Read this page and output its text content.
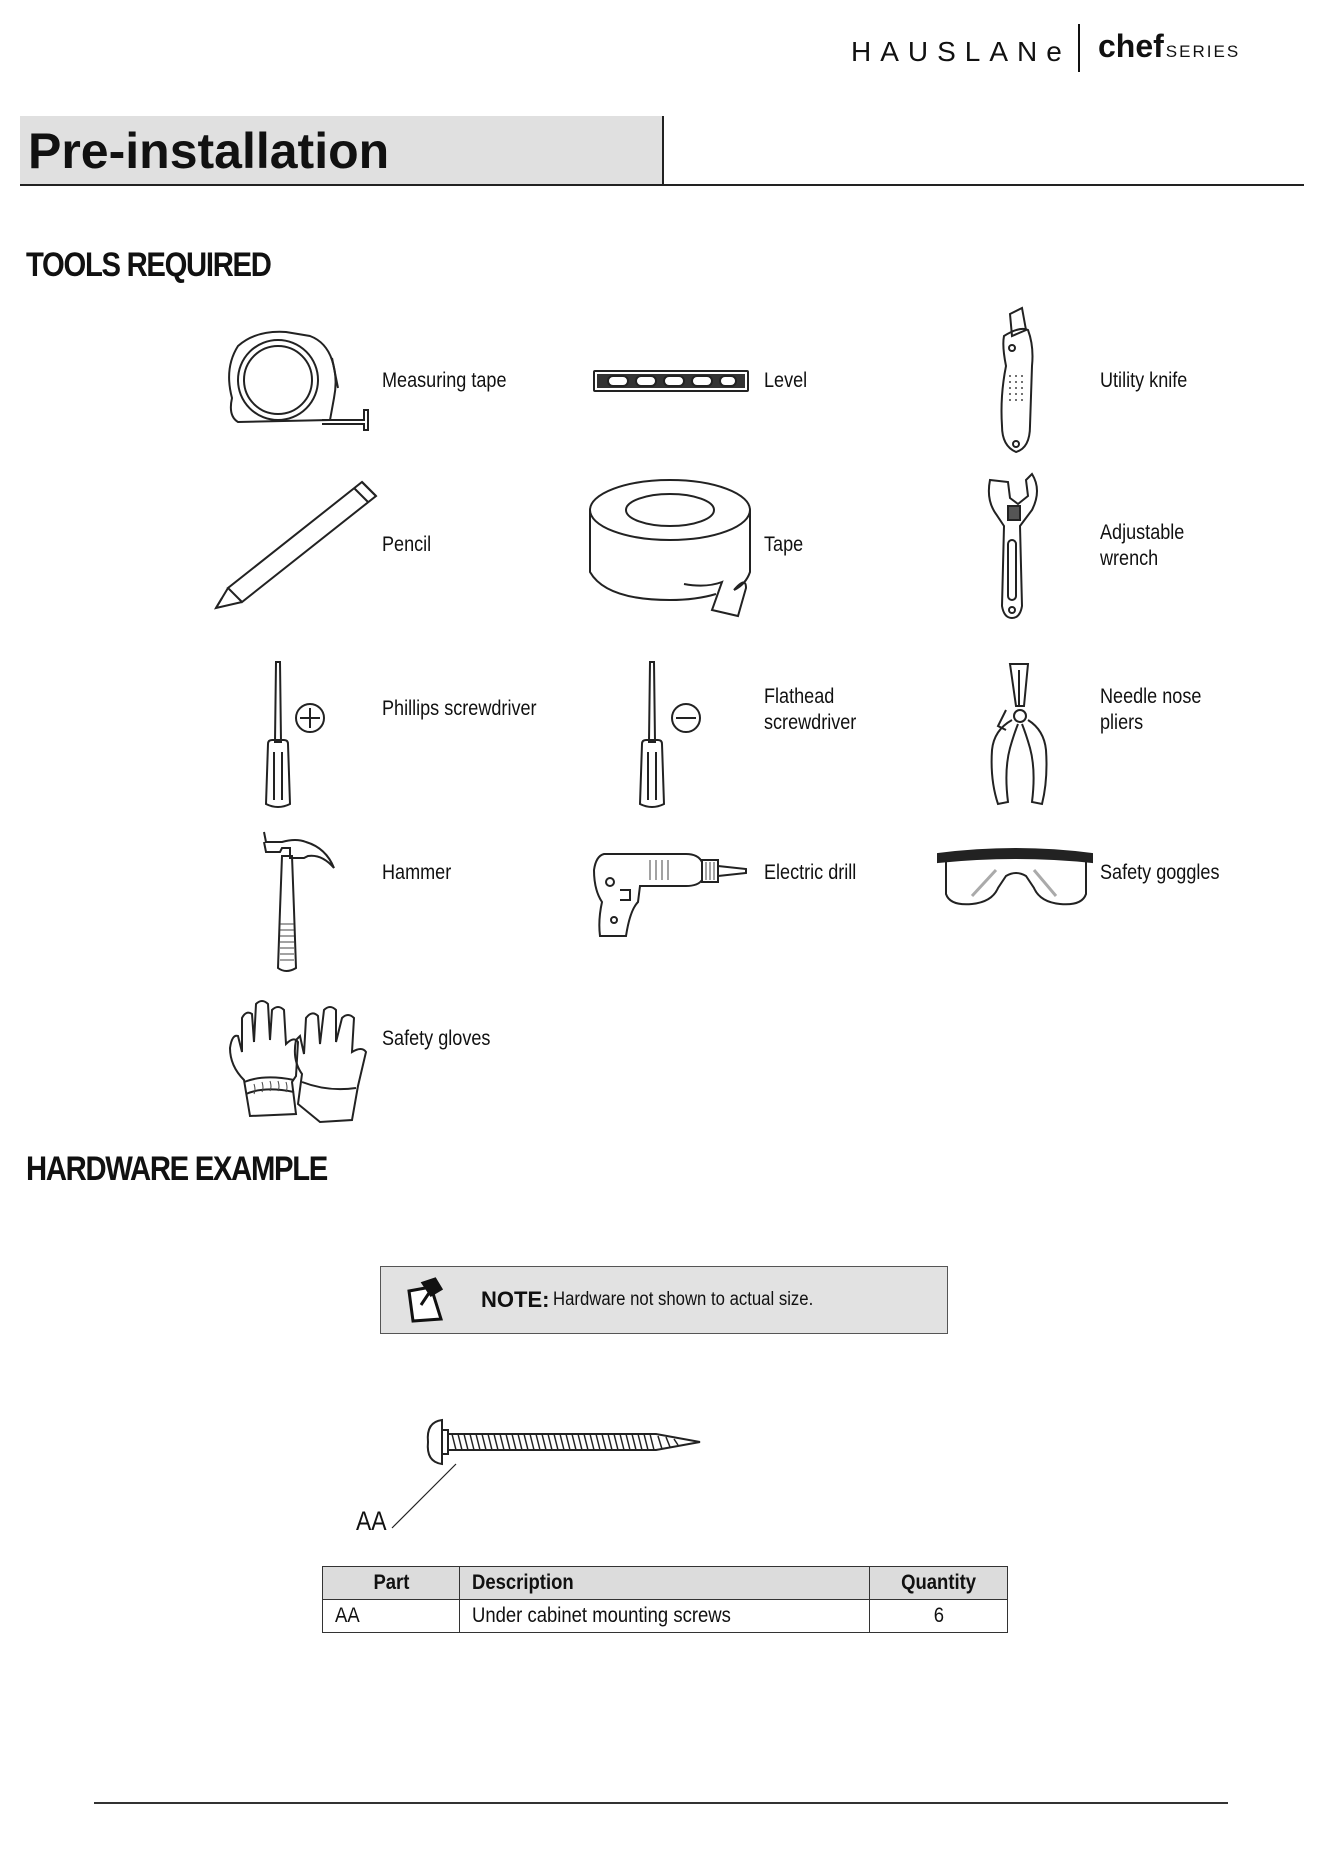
HAUSLANe chef SERIES
Pre-installation
TOOLS REQUIRED
Measuring tape	Level	Utility knife
Pencil	Tape
Adjustable
wrench
Phillips screwdriver
Flathead
screwdriver
Needle nose
pliers
Hammer	Electric drill	Safety goggles
Safety gloves
HARDWARE EXAMPLE
NOTE: Hardware not shown to actual size.
AA
Part	Description	Quantity
AA	Under cabinet mounting screws	6
